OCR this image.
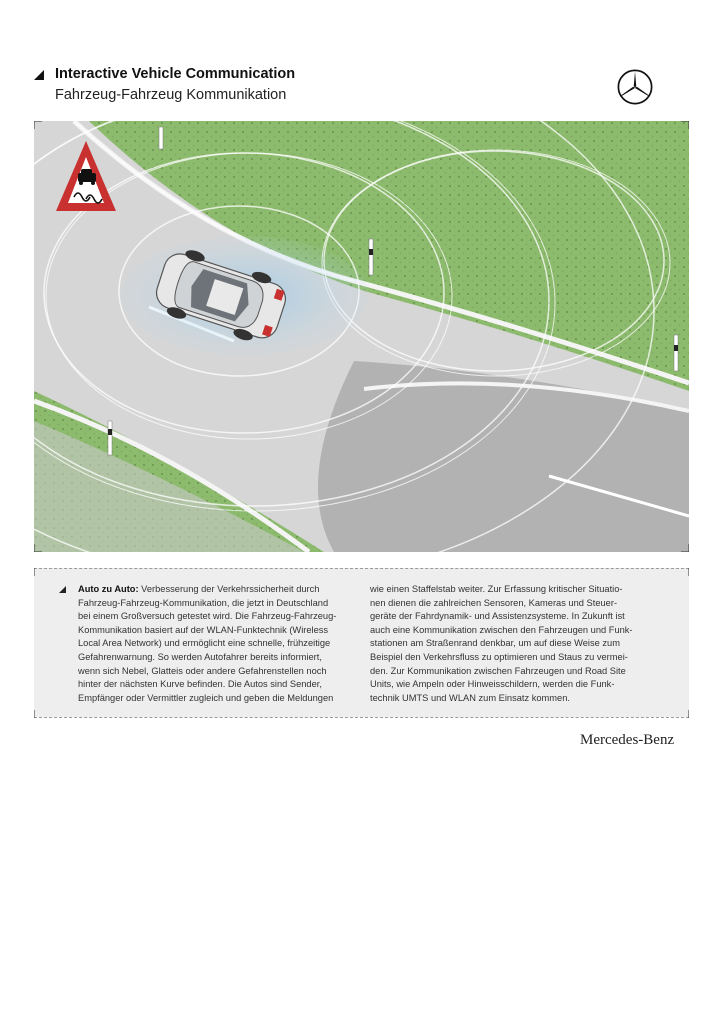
Interactive Vehicle Communication
Fahrzeug-Fahrzeug Kommunikation
Auto zu Auto: Verbesserung der Verkehrssicherheit durch
Fahrzeug-Fahrzeug-Kommunikation, die jetzt in Deutschland
bei einem Großversuch getestet wird. Die Fahrzeug-Fahrzeug-
Kommunikation basiert auf der WLAN-Funktechnik (Wireless
Local Area Network) und ermöglicht eine schnelle, frühzeitige
Gefahrenwarnung. So werden Autofahrer bereits informiert,
wenn sich Nebel, Glatteis oder andere Gefahrenstellen noch
hinter der nächsten Kurve befinden. Die Autos sind Sender,
Empfänger oder Vermittler zugleich und geben die Meldungen
wie einen Staffelstab weiter. Zur Erfassung kritischer Situatio-
nen dienen die zahlreichen Sensoren, Kameras und Steuer-
geräte der Fahrdynamik- und Assistenzsysteme. In Zukunft ist
auch eine Kommunikation zwischen den Fahrzeugen und Funk-
stationen am Straßenrand denkbar, um auf diese Weise zum
Beispiel den Verkehrsfluss zu optimieren und Staus zu vermei-
den. Zur Kommunikation zwischen Fahrzeugen und Road Site
Units, wie Ampeln oder Hinweisschildern, werden die Funk-
technik UMTS und WLAN zum Einsatz kommen.
Mercedes-Benz
